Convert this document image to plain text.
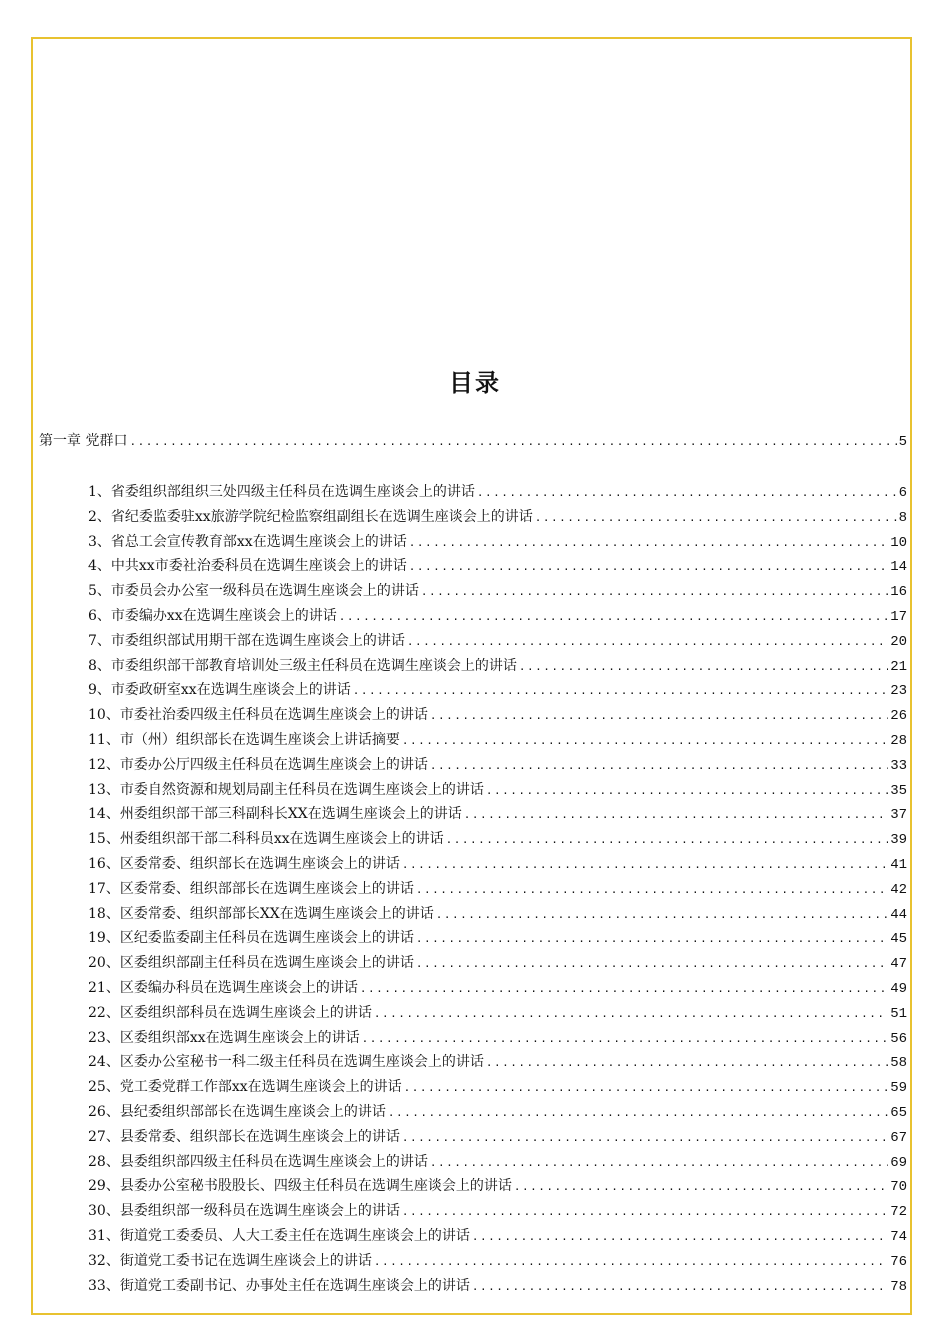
目录
第一章 党群口 .....	5
1、省委组织部组织三处四级主任科员在选调生座谈会上的讲话 .....	6
2、省纪委监委驻xx旅游学院纪检监察组副组长在选调生座谈会上的讲话 .....	8
3、省总工会宣传教育部xx在选调生座谈会上的讲话 .....	10
4、中共xx市委社治委科员在选调生座谈会上的讲话 .....	14
5、市委员会办公室一级科员在选调生座谈会上的讲话 .....	16
6、市委编办xx在选调生座谈会上的讲话 .....	17
7、市委组织部试用期干部在选调生座谈会上的讲话 .....	20
8、市委组织部干部教育培训处三级主任科员在选调生座谈会上的讲话 .....	21
9、市委政研室xx在选调生座谈会上的讲话 .....	23
10、市委社治委四级主任科员在选调生座谈会上的讲话 .....	26
11、市（州）组织部长在选调生座谈会上讲话摘要 .....	28
12、市委办公厅四级主任科员在选调生座谈会上的讲话 .....	33
13、市委自然资源和规划局副主任科员在选调生座谈会上的讲话 .....	35
14、州委组织部干部三科副科长XX在选调生座谈会上的讲话 .....	37
15、州委组织部干部二科科员xx在选调生座谈会上的讲话 .....	39
16、区委常委、组织部长在选调生座谈会上的讲话 .....	41
17、区委常委、组织部部长在选调生座谈会上的讲话 .....	42
18、区委常委、组织部部长XX在选调生座谈会上的讲话 .....	44
19、区纪委监委副主任科员在选调生座谈会上的讲话 .....	45
20、区委组织部副主任科员在选调生座谈会上的讲话 .....	47
21、区委编办科员在选调生座谈会上的讲话 .....	49
22、区委组织部科员在选调生座谈会上的讲话 .....	51
23、区委组织部xx在选调生座谈会上的讲话 .....	56
24、区委办公室秘书一科二级主任科员在选调生座谈会上的讲话 .....	58
25、党工委党群工作部xx在选调生座谈会上的讲话 .....	59
26、县纪委组织部部长在选调生座谈会上的讲话 .....	65
27、县委常委、组织部长在选调生座谈会上的讲话 .....	67
28、县委组织部四级主任科员在选调生座谈会上的讲话 .....	69
29、县委办公室秘书股股长、四级主任科员在选调生座谈会上的讲话 .....	70
30、县委组织部一级科员在选调生座谈会上的讲话 .....	72
31、街道党工委委员、人大工委主任在选调生座谈会上的讲话 .....	74
32、街道党工委书记在选调生座谈会上的讲话 .....	76
33、街道党工委副书记、办事处主任在选调生座谈会上的讲话 .....	78
